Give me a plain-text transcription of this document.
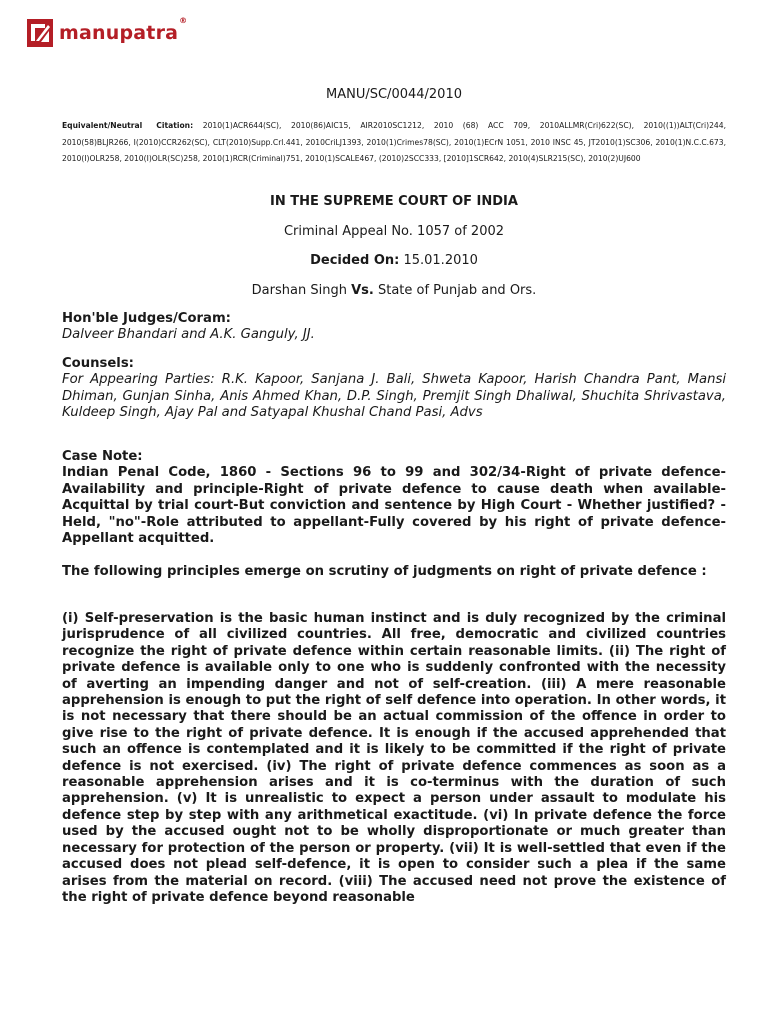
manupatra®
MANU/SC/0044/2010
Equivalent/Neutral Citation: 2010(1)ACR644(SC), 2010(86)AIC15, AIR2010SC1212, 2010 (68) ACC 709, 2010ALLMR(Cri)622(SC), 2010((1))ALT(Cri)244, 2010(58)BLJR266, I(2010)CCR262(SC), CLT(2010)Supp.Crl.441, 2010CriLJ1393, 2010(1)Crimes78(SC), 2010(1)ECrN 1051, 2010 INSC 45, JT2010(1)SC306, 2010(1)N.C.C.673, 2010(I)OLR258, 2010(I)OLR(SC)258, 2010(1)RCR(Criminal)751, 2010(1)SCALE467, (2010)2SCC333, [2010]1SCR642, 2010(4)SLR215(SC), 2010(2)UJ600
IN THE SUPREME COURT OF INDIA
Criminal Appeal No. 1057 of 2002
Decided On: 15.01.2010
Darshan Singh Vs. State of Punjab and Ors.
Hon'ble Judges/Coram:
Dalveer Bhandari and A.K. Ganguly, JJ.
Counsels:
For Appearing Parties: R.K. Kapoor, Sanjana J. Bali, Shweta Kapoor, Harish Chandra Pant, Mansi Dhiman, Gunjan Sinha, Anis Ahmed Khan, D.P. Singh, Premjit Singh Dhaliwal, Shuchita Shrivastava, Kuldeep Singh, Ajay Pal and Satyapal Khushal Chand Pasi, Advs
Case Note:
Indian Penal Code, 1860 - Sections 96 to 99 and 302/34-Right of private defence-Availability and principle-Right of private defence to cause death when available-Acquittal by trial court-But conviction and sentence by High Court - Whether justified? - Held, "no"-Role attributed to appellant-Fully covered by his right of private defence-Appellant acquitted.
The following principles emerge on scrutiny of judgments on right of private defence :
(i) Self-preservation is the basic human instinct and is duly recognized by the criminal jurisprudence of all civilized countries. All free, democratic and civilized countries recognize the right of private defence within certain reasonable limits. (ii) The right of private defence is available only to one who is suddenly confronted with the necessity of averting an impending danger and not of self-creation. (iii) A mere reasonable apprehension is enough to put the right of self defence into operation. In other words, it is not necessary that there should be an actual commission of the offence in order to give rise to the right of private defence. It is enough if the accused apprehended that such an offence is contemplated and it is likely to be committed if the right of private defence is not exercised. (iv) The right of private defence commences as soon as a reasonable apprehension arises and it is co-terminus with the duration of such apprehension. (v) It is unrealistic to expect a person under assault to modulate his defence step by step with any arithmetical exactitude. (vi) In private defence the force used by the accused ought not to be wholly disproportionate or much greater than necessary for protection of the person or property. (vii) It is well-settled that even if the accused does not plead self-defence, it is open to consider such a plea if the same arises from the material on record. (viii) The accused need not prove the existence of the right of private defence beyond reasonable
